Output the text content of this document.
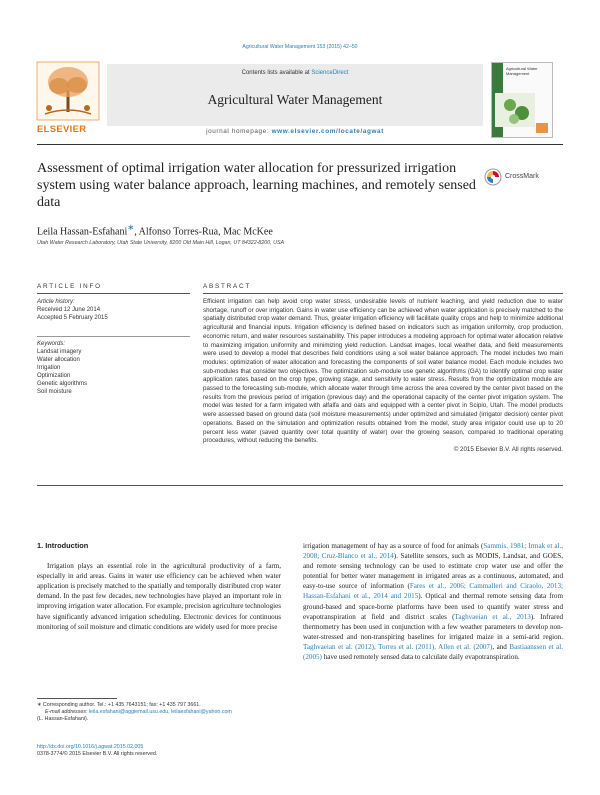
Agricultural Water Management 153 (2015) 42–50
ELSEVIER
Contents lists available at ScienceDirect
Agricultural Water Management
journal homepage: www.elsevier.com/locate/agwat
Agricultural Water Management
Assessment of optimal irrigation water allocation for pressurized irrigation system using water balance approach, learning machines, and remotely sensed data
CrossMark
Leila Hassan-Esfahani∗, Alfonso Torres-Rua, Mac McKee
Utah Water Research Laboratory, Utah State University, 8200 Old Main Hill, Logan, UT 84322-8200, USA
ARTICLE INFO	ABSTRACT
Article history:
Received 12 June 2014
Accepted 5 February 2015
Keywords:
Landsat imagery
Water allocation
Irrigation
Optimization
Genetic algorithms
Soil moisture

Efficient irrigation can help avoid crop water stress, undesirable levels of nutrient leaching, and yield reduction due to water shortage, runoff or over irrigation. Gains in water use efficiency can be achieved when water application is precisely matched to the spatially distributed crop water demand. Thus, greater irrigation efficiency will facilitate quality crops and help to minimize additional agricultural and financial inputs. Irrigation efficiency is defined based on indicators such as irrigation uniformity, crop production, economic return, and water resources sustainability. This paper introduces a modeling approach for optimal water allocation relative to maximizing irrigation uniformity and minimizing yield reduction. Landsat images, local weather data, and field measurements were used to develop a model that describes field conditions using a soil water balance approach. The model includes two main modules: optimization of water allocation and forecasting the components of soil water balance model. Each module includes two sub-modules that consider two objectives. The optimization sub-module use genetic algorithms (GA) to identify optimal crop water application rates based on the crop type, growing stage, and sensitivity to water stress. Results from the optimization module are passed to the forecasting sub-module, which allocate water through time across the area covered by the center pivot based on the results from the previous period of irrigation (previous day) and the operational capacity of the center pivot irrigation system. The model was tested for a farm irrigated with alfalfa and oats and equipped with a center pivot in Scipio, Utah. The model products were assessed based on ground data (soil moisture measurements) under optimized and simulated (irrigator decision) center pivot operations. Based on the simulation and optimization results obtained from the model, study area irrigator could use up to 20 percent less water (saved quantity over total quantity of water) over the growing season, compared to traditional operating procedures, without reducing the benefits.

© 2015 Elsevier B.V. All rights reserved.

1. Introduction

Irrigation plays an essential role in the agricultural productivity of a farm, especially in arid areas. Gains in water use efficiency can be achieved when water application is precisely matched to the spatially and temporally distributed crop water demand. In the past few decades, new technologies have played an important role in improving irrigation water allocation. For example, precision agriculture technologies have significantly advanced irrigation scheduling. Electronic devices for continuous monitoring of soil moisture and climatic conditions are widely used for more precise

irrigation management of hay as a source of food for animals (Sammis, 1981; Irmak et al., 2008; Cruz-Blanco et al., 2014). Satellite sensors, such as MODIS, Landsat, and GOES, and remote sensing technology can be used to estimate crop water use and offer the potential for better water management in irrigated areas as a continuous, automated, and easy-to-use source of information (Fares et al., 2006; Cammalleri and Ciraolo, 2013; Hassan-Esfahani et al., 2014 and 2015). Optical and thermal remote sensing data from ground-based and space-borne platforms have been used to quantify water stress and evapotranspiration at field and district scales (Taghvaeian et al., 2013). Infrared thermometry has been used in conjunction with a few weather parameters to develop non-water-stressed and non-transpiring baselines for irrigated maize in a semi-arid region. Taghvaeian et al. (2012), Torres et al. (2011), Allen et al. (2007), and Bastiaanssen et al. (2005) have used remotely sensed data to calculate daily evapotranspiration.

∗ Corresponding author. Tel.: +1 435 7643151; fax: +1 435 797 3661.
E-mail addresses: leila.esfahani@aggiemail.usu.edu, leilaesfahani@yahoo.com
(L. Hassan-Esfahani).
http://dx.doi.org/10.1016/j.agwat.2015.02.005
0378-3774/© 2015 Elsevier B.V. All rights reserved.
